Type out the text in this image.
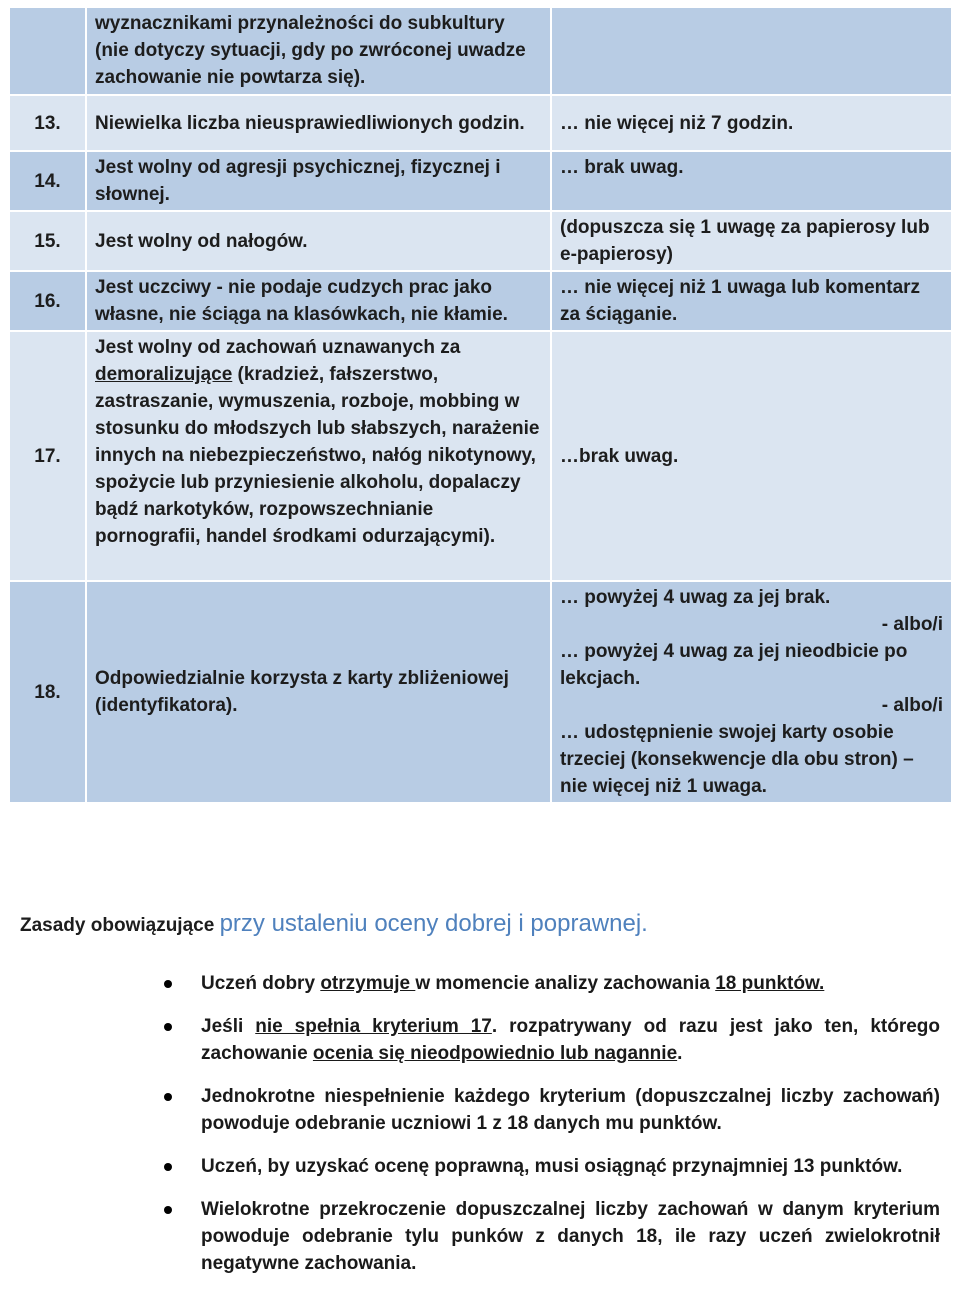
	wyznacznikami przynależności do subkultury (nie dotyczy sytuacji, gdy po zwróconej uwadze zachowanie nie powtarza się).	
13.	Niewielka liczba nieusprawiedliwionych godzin.	… nie więcej niż 7 godzin.
14.	Jest wolny od agresji psychicznej, fizycznej i słownej.	… brak uwag.
15.	Jest wolny od nałogów.	(dopuszcza się 1 uwagę za papierosy lub e-papierosy)
16.	Jest uczciwy - nie podaje cudzych prac jako własne, nie ściąga na klasówkach, nie kłamie.	… nie więcej niż 1 uwaga lub komentarz za ściąganie.
17.	Jest wolny od zachowań uznawanych za demoralizujące (kradzież, fałszerstwo, zastraszanie, wymuszenia, rozboje, mobbing w stosunku do młodszych lub słabszych, narażenie innych na niebezpieczeństwo, nałóg nikotynowy, spożycie lub przyniesienie alkoholu, dopalaczy bądź narkotyków, rozpowszechnianie pornografii, handel środkami odurzającymi).	…brak uwag.
18.	Odpowiedzialnie korzysta z karty zbliżeniowej (identyfikatora).	… powyżej 4 uwag za jej brak.
- albo/i
… powyżej 4 uwag za jej nieodbicie po lekcjach.
- albo/i
… udostępnienie swojej karty osobie trzeciej (konsekwencje dla obu stron) – nie więcej niż 1 uwaga.
Zasady obowiązujące przy ustaleniu oceny dobrej i poprawnej.
Uczeń dobry otrzymuje w momencie analizy zachowania 18 punktów.
Jeśli nie spełnia kryterium 17. rozpatrywany od razu jest jako ten, którego zachowanie ocenia się nieodpowiednio lub nagannie.
Jednokrotne niespełnienie każdego kryterium (dopuszczalnej liczby zachowań) powoduje odebranie uczniowi 1 z 18 danych mu punktów.
Uczeń, by uzyskać ocenę poprawną, musi osiągnąć przynajmniej 13 punktów.
Wielokrotne przekroczenie dopuszczalnej liczby zachowań w danym kryterium powoduje odebranie tylu punków z danych 18, ile razy uczeń zwielokrotnił negatywne zachowania.
